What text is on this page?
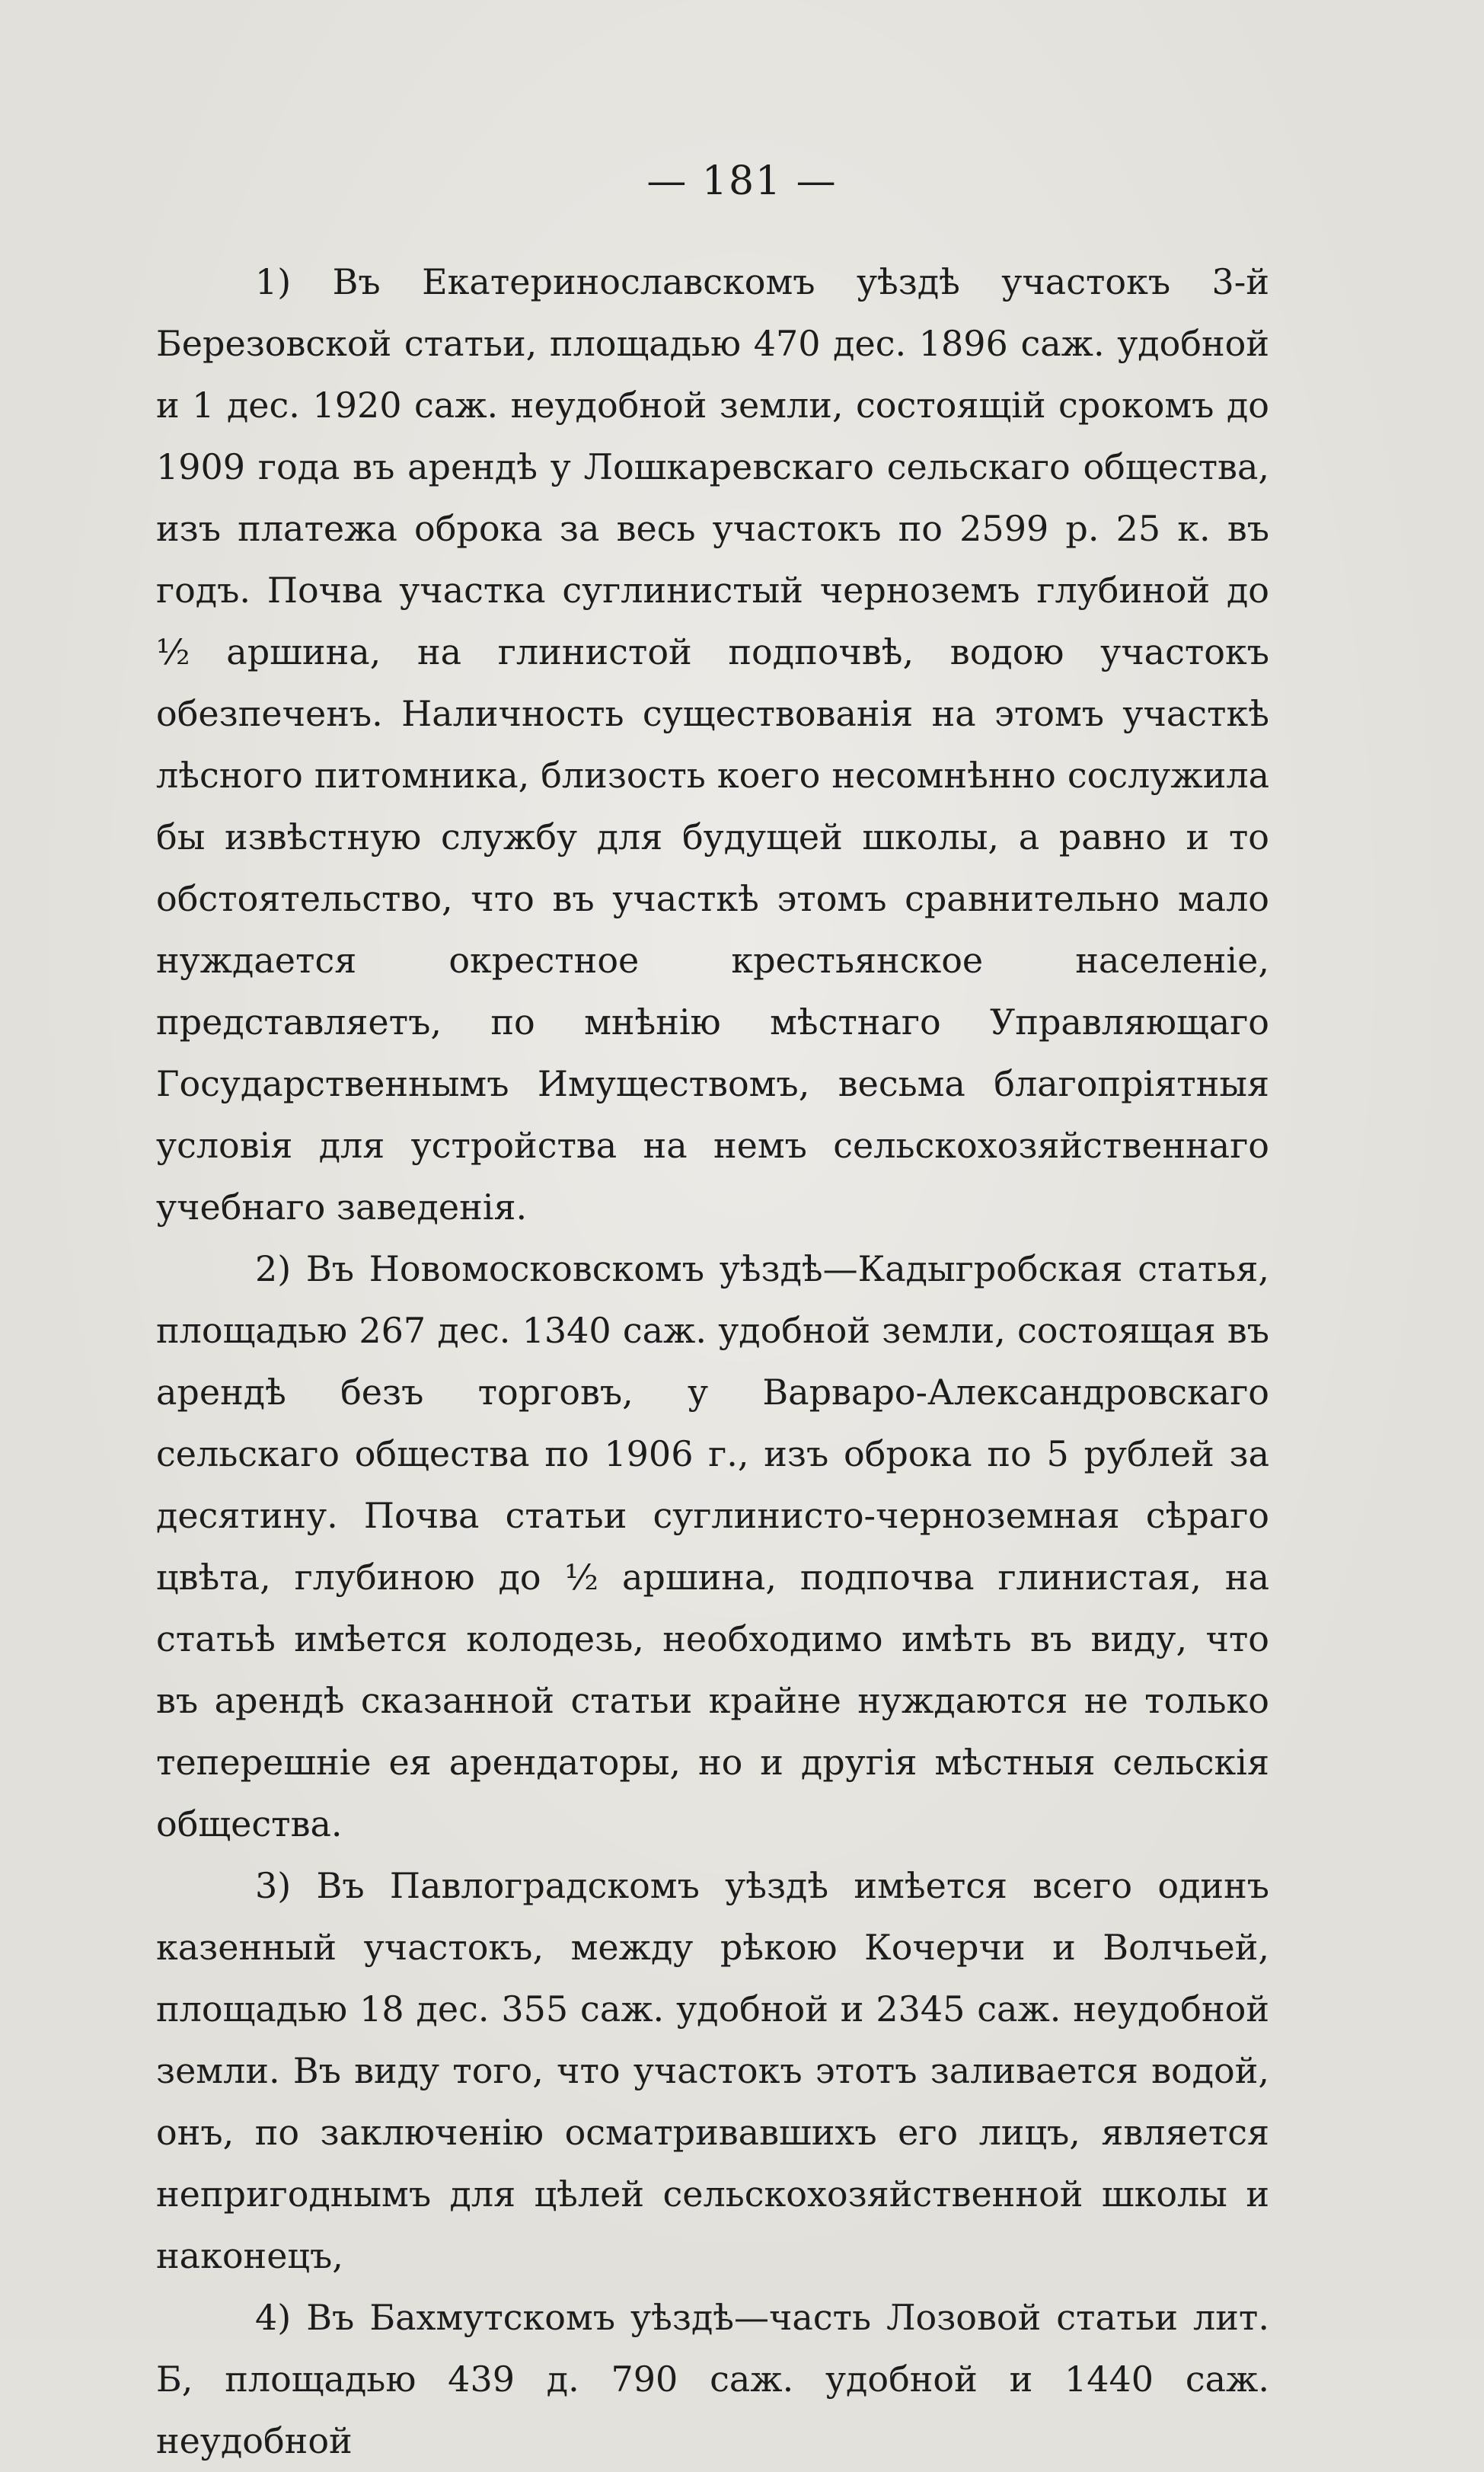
— 181 —

1) Въ Екатеринославскомъ уѣздѣ участокъ 3-й Березовской статьи, площадью 470 дес. 1896 саж. удобной и 1 дес. 1920 саж. неудобной земли, состоящій срокомъ до 1909 года въ арендѣ у Лошкаревскаго сельскаго общества, изъ платежа оброка за весь участокъ по 2599 р. 25 к. въ годъ. Почва участка суглинистый черноземъ глубиной до ½ аршина, на глинистой подпочвѣ, водою участокъ обезпеченъ. Наличность существованія на этомъ участкѣ лѣсного питомника, близость коего несомнѣнно сослужила бы извѣстную службу для будущей школы, а равно и то обстоятельство, что въ участкѣ этомъ сравнительно мало нуждается окрестное крестьянское населеніе, представляетъ, по мнѣнію мѣстнаго Управляющаго Государственнымъ Имуществомъ, весьма благопріятныя условія для устройства на немъ сельскохозяйственнаго учебнаго заведенія.

2) Въ Новомосковскомъ уѣздѣ—Кадыгробская статья, площадью 267 дес. 1340 саж. удобной земли, состоящая въ арендѣ безъ торговъ, у Варваро-Александровскаго сельскаго общества по 1906 г., изъ оброка по 5 рублей за десятину. Почва статьи суглинисто-черноземная сѣраго цвѣта, глубиною до ½ аршина, подпочва глинистая, на статьѣ имѣется колодезь, необходимо имѣть въ виду, что въ арендѣ сказанной статьи крайне нуждаются не только теперешніе ея арендаторы, но и другія мѣстныя сельскія общества.

3) Въ Павлоградскомъ уѣздѣ имѣется всего одинъ казенный участокъ, между рѣкою Кочерчи и Волчьей, площадью 18 дес. 355 саж. удобной и 2345 саж. неудобной земли. Въ виду того, что участокъ этотъ заливается водой, онъ, по заключенію осматривавшихъ его лицъ, является непригоднымъ для цѣлей сельскохозяйственной школы и наконецъ,

4) Въ Бахмутскомъ уѣздѣ—часть Лозовой статьи лит. Б, площадью 439 д. 790 саж. удобной и 1440 саж. неудобной
